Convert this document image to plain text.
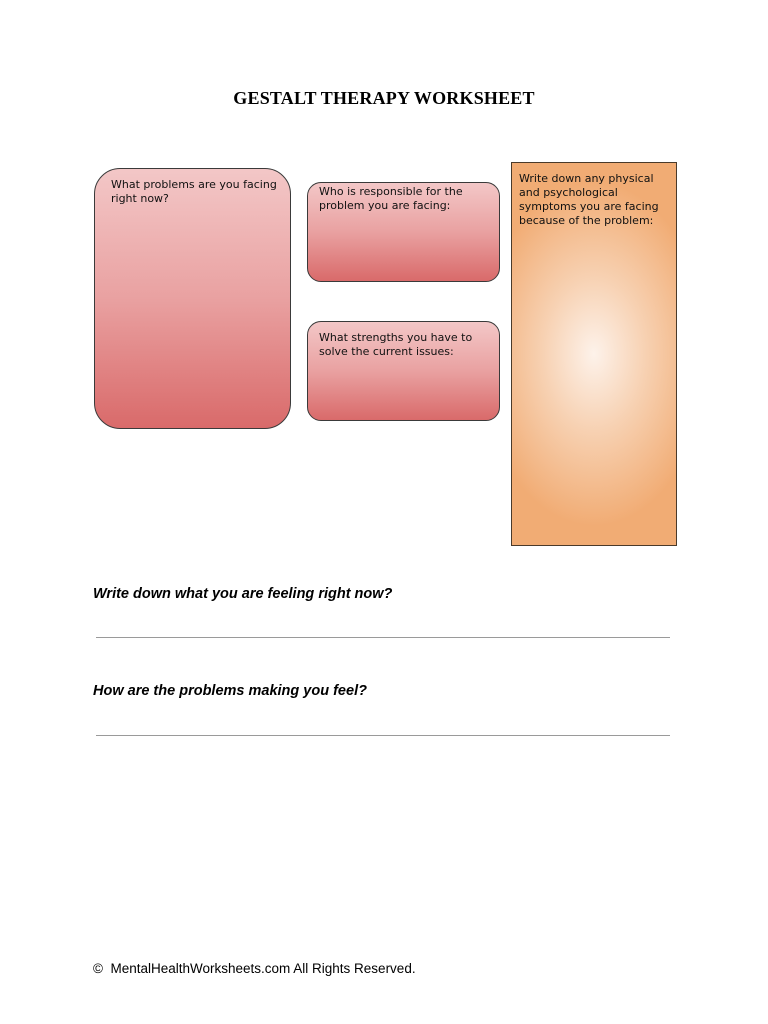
GESTALT THERAPY WORKSHEET
What problems are you facing right now?
Who is responsible for the problem you are facing:
What strengths you have to solve the current issues:
Write down any physical and psychological symptoms you are facing because of the problem:
Write down what you are feeling right now?
How are the problems making you feel?
©  MentalHealthWorksheets.com All Rights Reserved.
